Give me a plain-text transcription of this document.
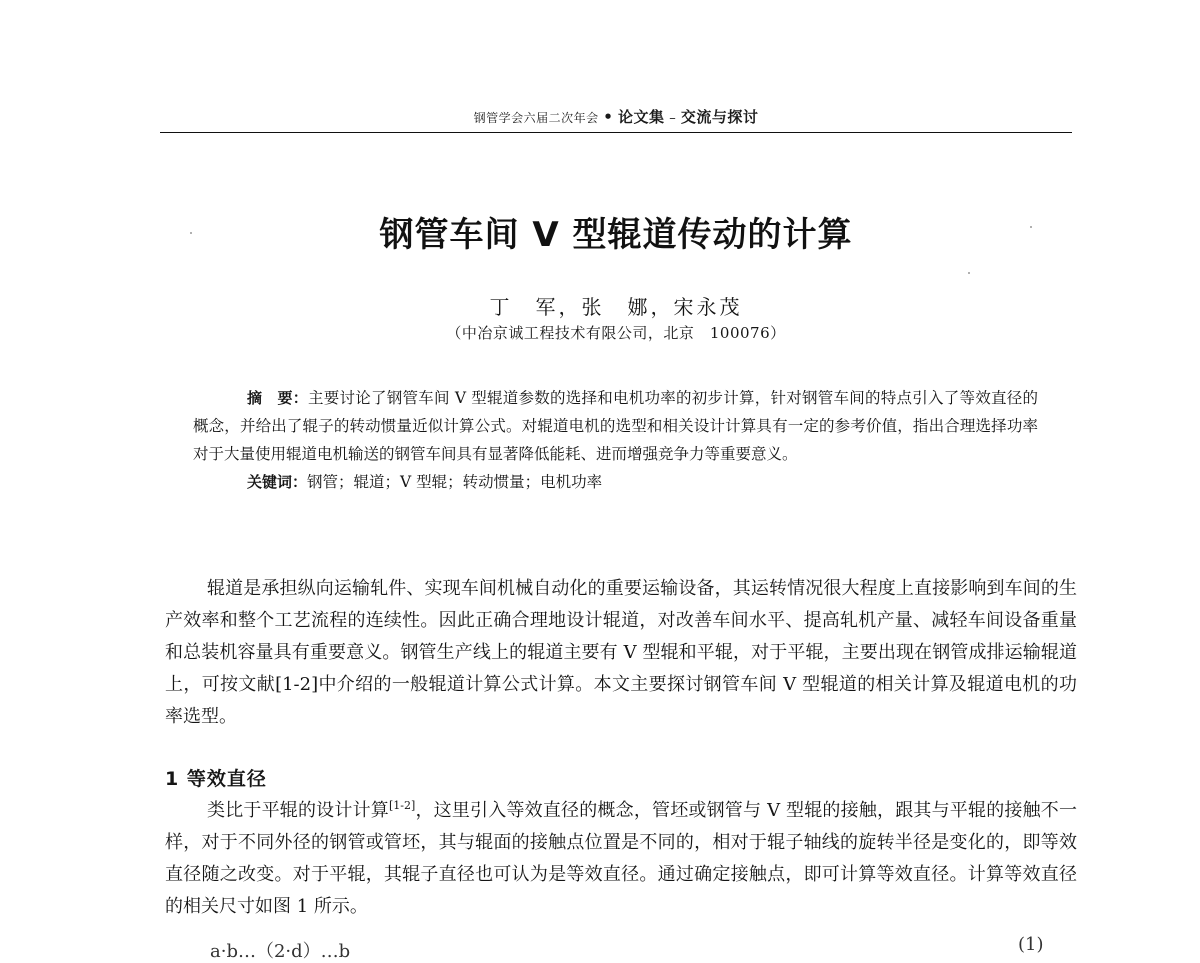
钢管学会六届二次年会 • 论文集 – 交流与探讨
钢管车间 V 型辊道传动的计算
丁　军，张　娜，宋永茂
（中冶京诚工程技术有限公司，北京　100076）

摘　要：主要讨论了钢管车间 V 型辊道参数的选择和电机功率的初步计算，针对钢管车间的特点引入了等效直径的概念，并给出了辊子的转动惯量近似计算公式。对辊道电机的选型和相关设计计算具有一定的参考价值，指出合理选择功率对于大量使用辊道电机输送的钢管车间具有显著降低能耗、进而增强竞争力等重要意义。

关键词：钢管；辊道；V 型辊；转动惯量；电机功率

辊道是承担纵向运输轧件、实现车间机械自动化的重要运输设备，其运转情况很大程度上直接影响到车间的生产效率和整个工艺流程的连续性。因此正确合理地设计辊道，对改善车间水平、提高轧机产量、减轻车间设备重量和总装机容量具有重要意义。钢管生产线上的辊道主要有 V 型辊和平辊，对于平辊，主要出现在钢管成排运输辊道上，可按文献[1-2]中介绍的一般辊道计算公式计算。本文主要探讨钢管车间 V 型辊道的相关计算及辊道电机的功率选型。

1 等效直径

类比于平辊的设计计算[1-2]，这里引入等效直径的概念，管坯或钢管与 V 型辊的接触，跟其与平辊的接触不一样，对于不同外径的钢管或管坯，其与辊面的接触点位置是不同的，相对于辊子轴线的旋转半径是变化的，即等效直径随之改变。对于平辊，其辊子直径也可认为是等效直径。通过确定接触点，即可计算等效直径。计算等效直径的相关尺寸如图 1 所示。

a·b…（2·d）…b	(1)
